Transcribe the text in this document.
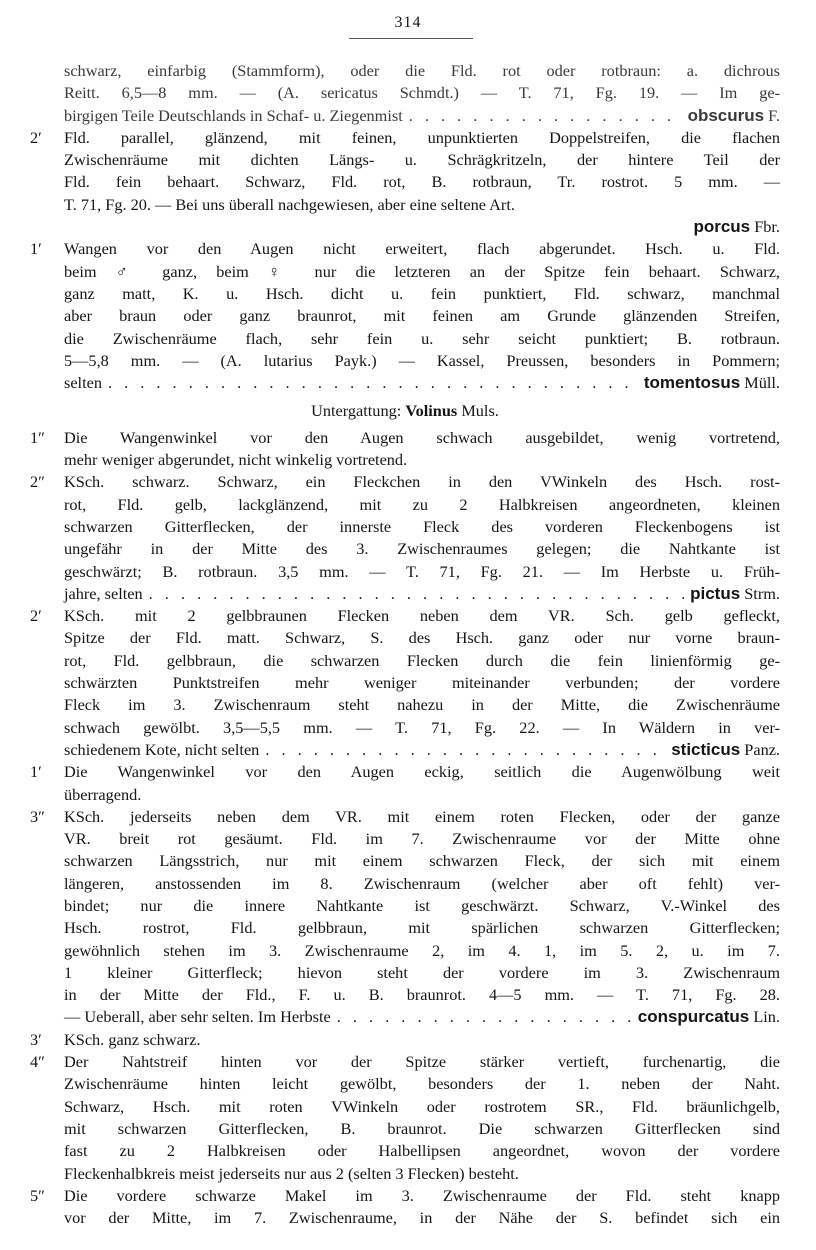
314
schwarz, einfarbig (Stammform), oder die Fld. rot oder rotbraun: a. dichrous
Reitt. 6,5—8 mm. — (A. sericatus Schmdt.) — T. 71, Fg. 19. — Im ge-
birgigen Teile Deutschlands in Schaf- u. Ziegenmist . . .	obscurus F.
2′	Fld. parallel, glänzend, mit feinen, unpunktierten Doppelstreifen, die flachen
Zwischenräume mit dichten Längs- u. Schrägkritzeln, der hintere Teil der
Fld. fein behaart. Schwarz, Fld. rot, B. rotbraun, Tr. rostrot. 5 mm. —
T. 71, Fg. 20. — Bei uns überall nachgewiesen, aber eine seltene Art.
porcus Fbr.
1′	Wangen vor den Augen nicht erweitert, flach abgerundet. Hsch. u. Fld.
beim ♂ ganz, beim ♀ nur die letzteren an der Spitze fein behaart. Schwarz,
ganz matt, K. u. Hsch. dicht u. fein punktiert, Fld. schwarz, manchmal
aber braun oder ganz braunrot, mit feinen am Grunde glänzenden Streifen,
die Zwischenräume flach, sehr fein u. sehr seicht punktiert; B. rotbraun.
5—5,8 mm. — (A. lutarius Payk.) — Kassel, Preussen, besonders in Pommern;
selten . . .	tomentosus Müll.
Untergattung: Volinus Muls.
1″	Die Wangenwinkel vor den Augen schwach ausgebildet, wenig vortretend,
mehr weniger abgerundet, nicht winkelig vortretend.
2″	KSch. schwarz. Schwarz, ein Fleckchen in den VWinkeln des Hsch. rost-
rot, Fld. gelb, lackglänzend, mit zu 2 Halbkreisen angeordneten, kleinen
schwarzen Gitterflecken, der innerste Fleck des vorderen Fleckenbogens ist
ungefähr in der Mitte des 3. Zwischenraumes gelegen; die Nahtkante ist
geschwärzt; B. rotbraun. 3,5 mm. — T. 71, Fg. 21. — Im Herbste u. Früh-
jahre, selten . . .	pictus Strm.
2′	KSch. mit 2 gelbbraunen Flecken neben dem VR. Sch. gelb gefleckt,
Spitze der Fld. matt. Schwarz, S. des Hsch. ganz oder nur vorne braun-
rot, Fld. gelbbraun, die schwarzen Flecken durch die fein linienförmig ge-
schwärzten Punktstreifen mehr weniger miteinander verbunden; der vordere
Fleck im 3. Zwischenraum steht nahezu in der Mitte, die Zwischenräume
schwach gewölbt. 3,5—5,5 mm. — T. 71, Fg. 22. — In Wäldern in ver-
schiedenem Kote, nicht selten . . .	sticticus Panz.
1′	Die Wangenwinkel vor den Augen eckig, seitlich die Augenwölbung weit
überragend.
3″	KSch. jederseits neben dem VR. mit einem roten Flecken, oder der ganze
VR. breit rot gesäumt. Fld. im 7. Zwischenraume vor der Mitte ohne
schwarzen Längsstrich, nur mit einem schwarzen Fleck, der sich mit einem
längeren, anstossenden im 8. Zwischenraum (welcher aber oft fehlt) ver-
bindet; nur die innere Nahtkante ist geschwärzt. Schwarz, V.-Winkel des
Hsch. rostrot, Fld. gelbbraun, mit spärlichen schwarzen Gitterflecken;
gewöhnlich stehen im 3. Zwischenraume 2, im 4. 1, im 5. 2, u. im 7.
1 kleiner Gitterfleck; hievon steht der vordere im 3. Zwischenraum
in der Mitte der Fld., F. u. B. braunrot. 4—5 mm. — T. 71, Fg. 28.
— Ueberall, aber sehr selten. Im Herbste . . .	conspurcatus Lin.
3′	KSch. ganz schwarz.
4″	Der Nahtstreif hinten vor der Spitze stärker vertieft, furchenartig, die
Zwischenräume hinten leicht gewölbt, besonders der 1. neben der Naht.
Schwarz, Hsch. mit roten VWinkeln oder rostrotem SR., Fld. bräunlichgelb,
mit schwarzen Gitterflecken, B. braunrot. Die schwarzen Gitterflecken sind
fast zu 2 Halbkreisen oder Halbellipsen angeordnet, wovon der vordere
Fleckenhalbkreis meist jederseits nur aus 2 (selten 3 Flecken) besteht.
5″	Die vordere schwarze Makel im 3. Zwischenraume der Fld. steht knapp
vor der Mitte, im 7. Zwischenraume, in der Nähe der S. befindet sich ein
